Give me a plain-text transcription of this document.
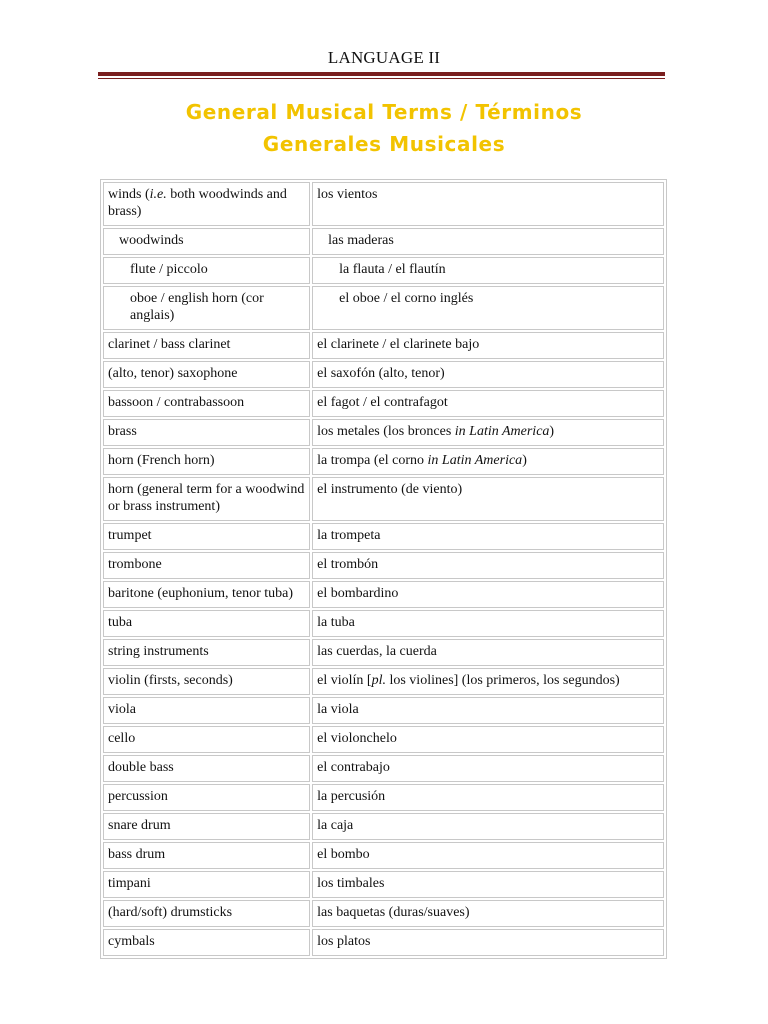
LANGUAGE II
General Musical Terms / Términos
Generales Musicales
winds (i.e. both woodwinds and brass)	los vientos

woodwinds	las maderas

flute / piccolo	la flauta / el flautín

oboe / english horn (cor anglais)	el oboe / el corno inglés

clarinet / bass clarinet	el clarinete / el clarinete bajo

(alto, tenor) saxophone	el saxofón (alto, tenor)

bassoon / contrabassoon	el fagot / el contrafagot

brass	los metales (los bronces in Latin America)

horn (French horn)	la trompa (el corno in Latin America)

horn (general term for a woodwind or brass instrument)	el instrumento (de viento)

trumpet	la trompeta

trombone	el trombón

baritone (euphonium, tenor tuba)	el bombardino

tuba	la tuba

string instruments	las cuerdas, la cuerda

violin (firsts, seconds)	el violín [pl. los violines] (los primeros, los segundos)

viola	la viola

cello	el violonchelo

double bass	el contrabajo

percussion	la percusión

snare drum	la caja

bass drum	el bombo

timpani	los timbales

(hard/soft) drumsticks	las baquetas (duras/suaves)

cymbals	los platos
